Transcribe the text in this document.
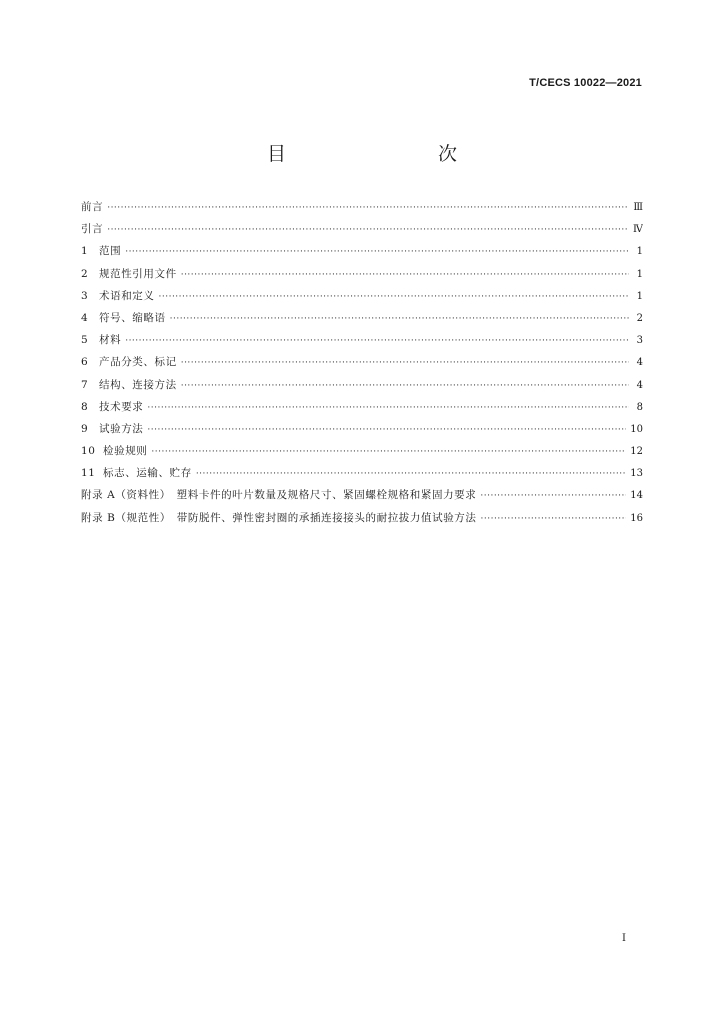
T/CECS 10022—2021
目　　次
前言 ·····	Ⅲ
引言 ·····	Ⅳ
1 范围 ·····	1
2 规范性引用文件 ·····	1
3 术语和定义 ·····	1
4 符号、缩略语 ·····	2
5 材料 ·····	3
6 产品分类、标记 ·····	4
7 结构、连接方法 ·····	4
8 技术要求 ·····	8
9 试验方法 ·····	10
10 检验规则 ·····	12
11 标志、运输、贮存 ·····	13
附录 A（资料性）　塑料卡件的叶片数量及规格尺寸、紧固螺栓规格和紧固力要求 ·····	14
附录 B（规范性）　带防脱件、弹性密封圈的承插连接接头的耐拉拔力值试验方法 ·····	16
I
